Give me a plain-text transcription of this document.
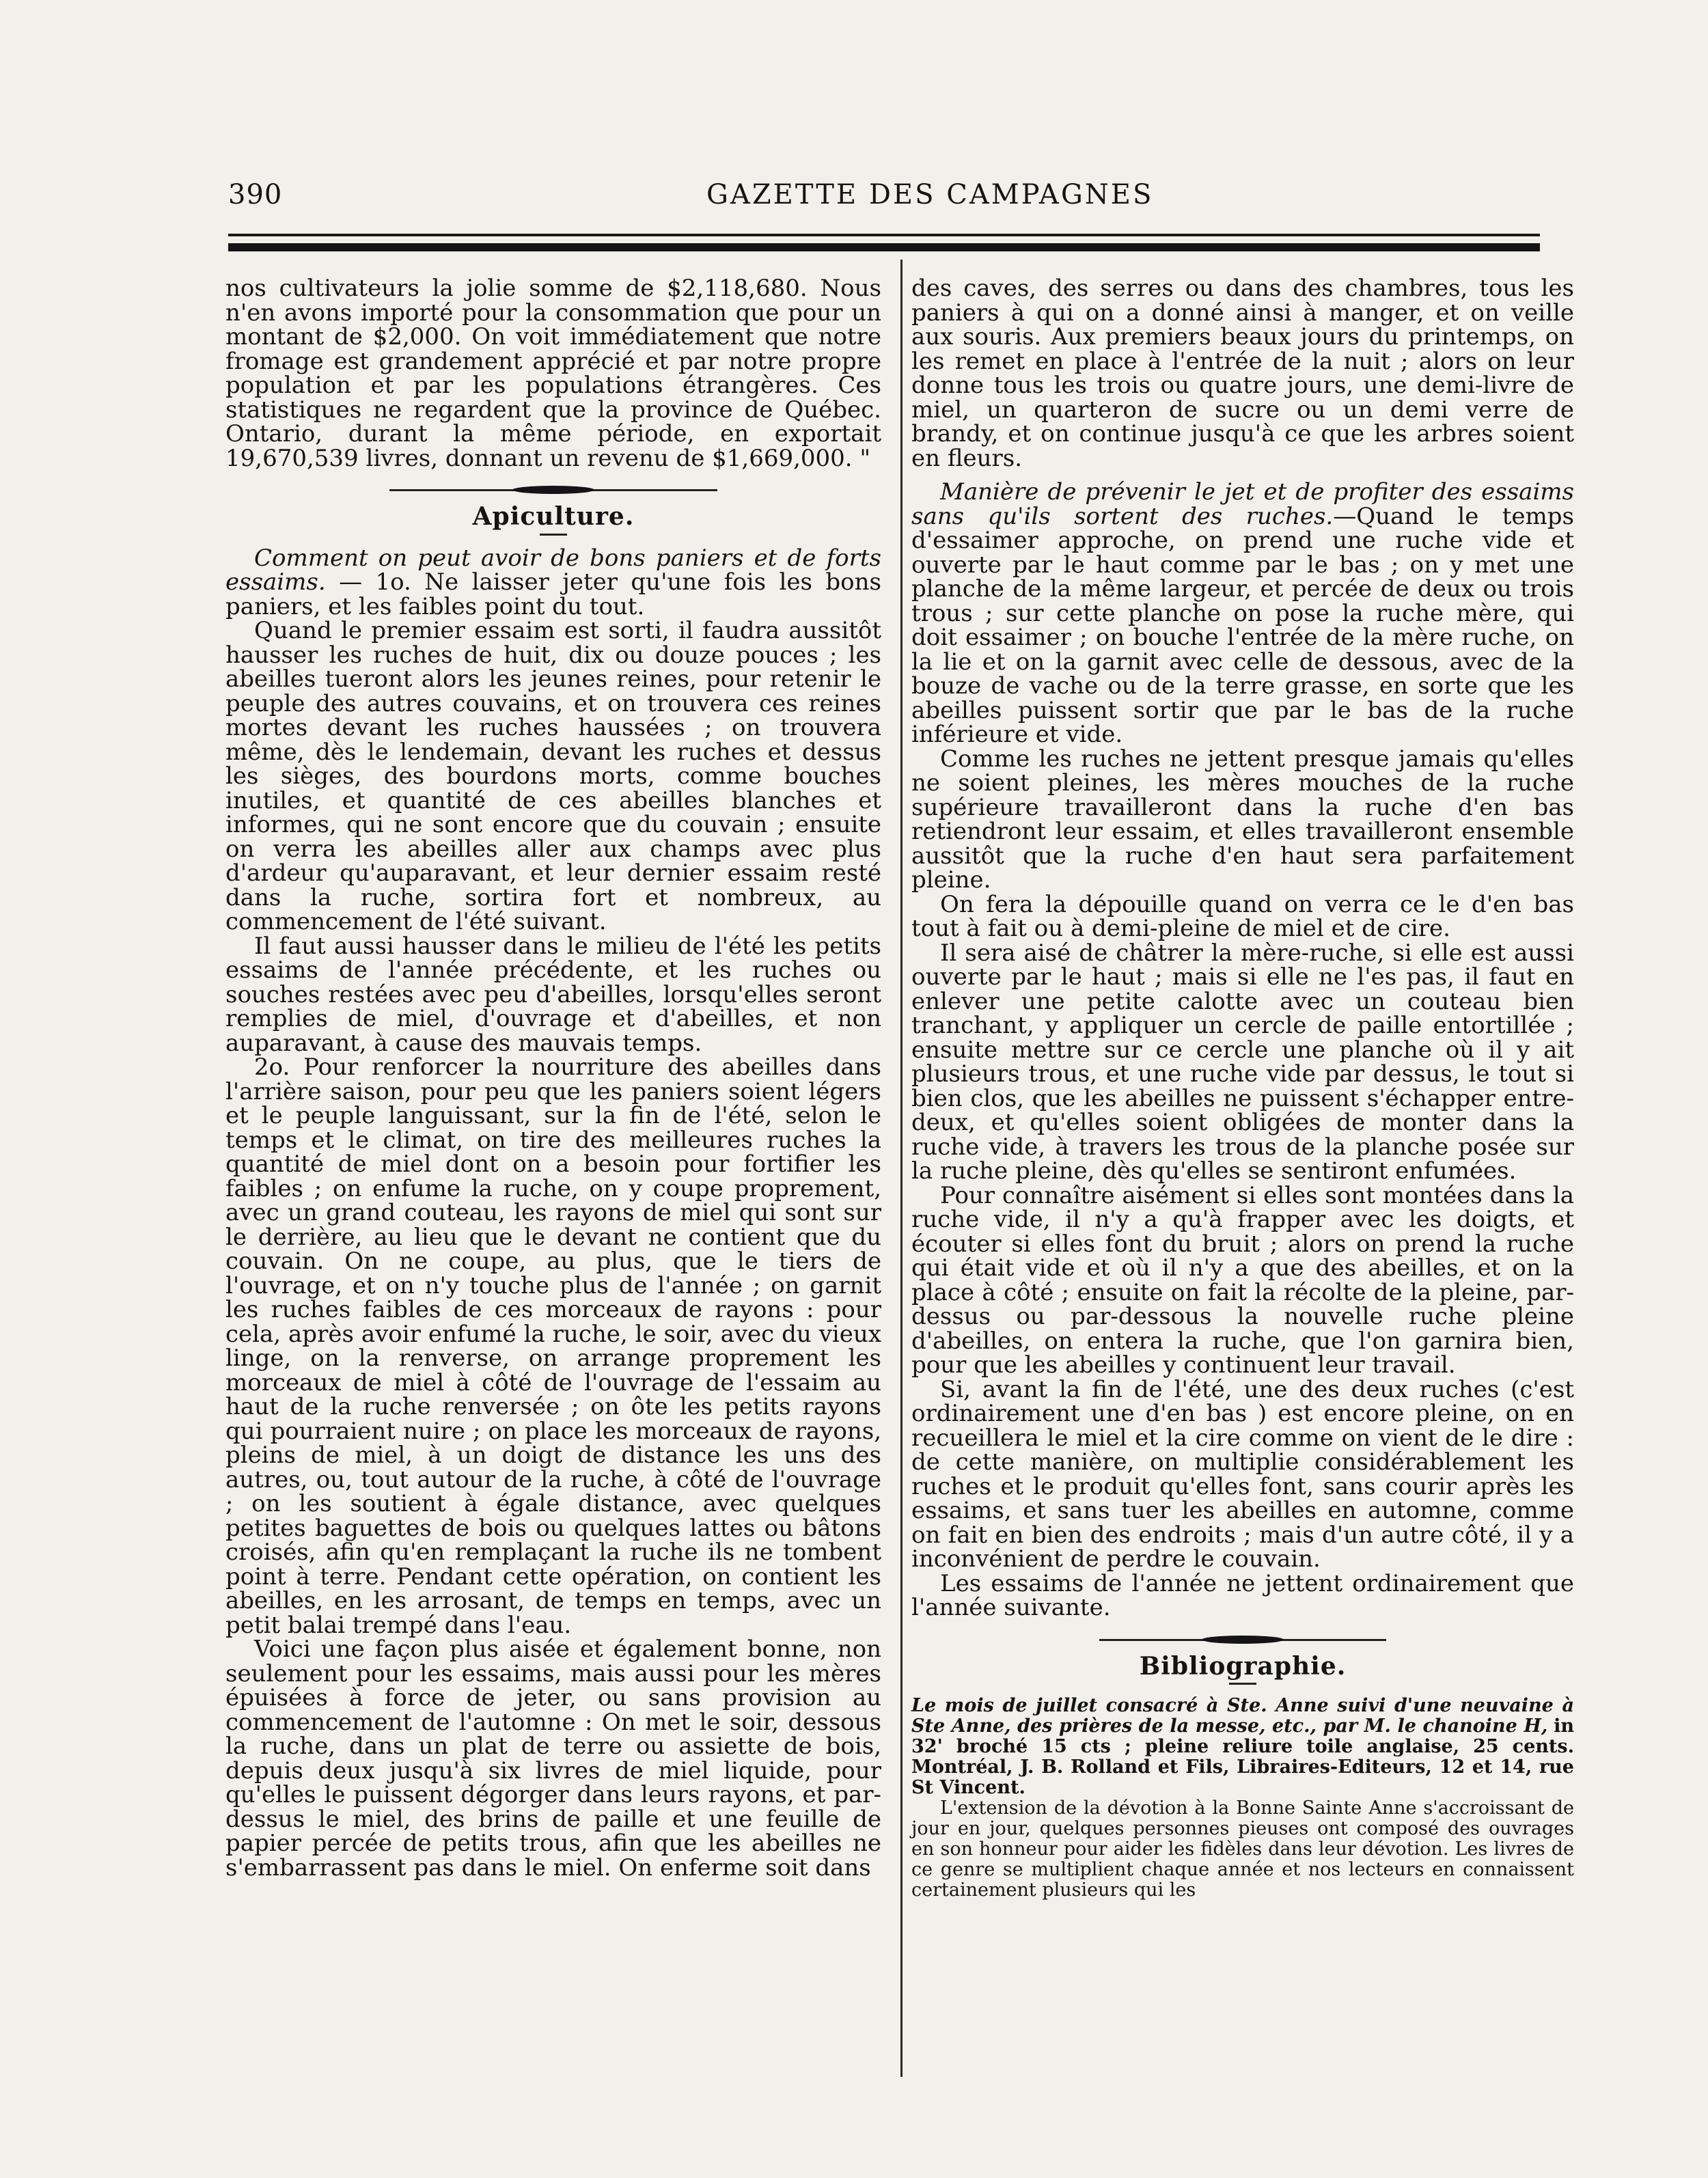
390	GAZETTE DES CAMPAGNES

nos cultivateurs la jolie somme de $2,118,680. Nous n'en avons importé pour la consommation que pour un montant de $2,000. On voit immédiatement que notre fromage est grandement apprécié et par notre propre population et par les populations étrangères. Ces statistiques ne regardent que la province de Québec. Ontario, durant la même période, en exportait 19,670,539 livres, donnant un revenu de $1,669,000. "

Apiculture.

Comment on peut avoir de bons paniers et de forts essaims. — 1o. Ne laisser jeter qu'une fois les bons paniers, et les faibles point du tout.

Quand le premier essaim est sorti, il faudra aussitôt hausser les ruches de huit, dix ou douze pouces ; les abeilles tueront alors les jeunes reines, pour retenir le peuple des autres couvains, et on trouvera ces reines mortes devant les ruches haussées ; on trouvera même, dès le lendemain, devant les ruches et dessus les sièges, des bourdons morts, comme bouches inutiles, et quantité de ces abeilles blanches et informes, qui ne sont encore que du couvain ; ensuite on verra les abeilles aller aux champs avec plus d'ardeur qu'auparavant, et leur dernier essaim resté dans la ruche, sortira fort et nombreux, au commencement de l'été suivant.

Il faut aussi hausser dans le milieu de l'été les petits essaims de l'année précédente, et les ruches ou souches restées avec peu d'abeilles, lorsqu'elles seront remplies de miel, d'ouvrage et d'abeilles, et non auparavant, à cause des mauvais temps.

2o. Pour renforcer la nourriture des abeilles dans l'arrière saison, pour peu que les paniers soient légers et le peuple languissant, sur la fin de l'été, selon le temps et le climat, on tire des meilleures ruches la quantité de miel dont on a besoin pour fortifier les faibles ; on enfume la ruche, on y coupe proprement, avec un grand couteau, les rayons de miel qui sont sur le derrière, au lieu que le devant ne contient que du couvain. On ne coupe, au plus, que le tiers de l'ouvrage, et on n'y touche plus de l'année ; on garnit les ruches faibles de ces morceaux de rayons : pour cela, après avoir enfumé la ruche, le soir, avec du vieux linge, on la renverse, on arrange proprement les morceaux de miel à côté de l'ouvrage de l'essaim au haut de la ruche renversée ; on ôte les petits rayons qui pourraient nuire ; on place les morceaux de rayons, pleins de miel, à un doigt de distance les uns des autres, ou, tout autour de la ruche, à côté de l'ouvrage ; on les soutient à égale distance, avec quelques petites baguettes de bois ou quelques lattes ou bâtons croisés, afin qu'en remplaçant la ruche ils ne tombent point à terre. Pendant cette opération, on contient les abeilles, en les arrosant, de temps en temps, avec un petit balai trempé dans l'eau.

Voici une façon plus aisée et également bonne, non seulement pour les essaims, mais aussi pour les mères épuisées à force de jeter, ou sans provision au commencement de l'automne : On met le soir, dessous la ruche, dans un plat de terre ou assiette de bois, depuis deux jusqu'à six livres de miel liquide, pour qu'elles le puissent dégorger dans leurs rayons, et par-dessus le miel, des brins de paille et une feuille de papier percée de petits trous, afin que les abeilles ne s'embarrassent pas dans le miel. On enferme soit dans

des caves, des serres ou dans des chambres, tous les paniers à qui on a donné ainsi à manger, et on veille aux souris. Aux premiers beaux jours du printemps, on les remet en place à l'entrée de la nuit ; alors on leur donne tous les trois ou quatre jours, une demi-livre de miel, un quarteron de sucre ou un demi verre de brandy, et on continue jusqu'à ce que les arbres soient en fleurs.

Manière de prévenir le jet et de profiter des essaims sans qu'ils sortent des ruches.—Quand le temps d'essaimer approche, on prend une ruche vide et ouverte par le haut comme par le bas ; on y met une planche de la même largeur, et percée de deux ou trois trous ; sur cette planche on pose la ruche mère, qui doit essaimer ; on bouche l'entrée de la mère ruche, on la lie et on la garnit avec celle de dessous, avec de la bouze de vache ou de la terre grasse, en sorte que les abeilles puissent sortir que par le bas de la ruche inférieure et vide.

Comme les ruches ne jettent presque jamais qu'elles ne soient pleines, les mères mouches de la ruche supérieure travailleront dans la ruche d'en bas retiendront leur essaim, et elles travailleront ensemble aussitôt que la ruche d'en haut sera parfaitement pleine.

On fera la dépouille quand on verra ce le d'en bas tout à fait ou à demi-pleine de miel et de cire.

Il sera aisé de châtrer la mère-ruche, si elle est aussi ouverte par le haut ; mais si elle ne l'es pas, il faut en enlever une petite calotte avec un couteau bien tranchant, y appliquer un cercle de paille entortillée ; ensuite mettre sur ce cercle une planche où il y ait plusieurs trous, et une ruche vide par dessus, le tout si bien clos, que les abeilles ne puissent s'échapper entre-deux, et qu'elles soient obligées de monter dans la ruche vide, à travers les trous de la planche posée sur la ruche pleine, dès qu'elles se sentiront enfumées.

Pour connaître aisément si elles sont montées dans la ruche vide, il n'y a qu'à frapper avec les doigts, et écouter si elles font du bruit ; alors on prend la ruche qui était vide et où il n'y a que des abeilles, et on la place à côté ; ensuite on fait la récolte de la pleine, par-dessus ou par-dessous la nouvelle ruche pleine d'abeilles, on entera la ruche, que l'on garnira bien, pour que les abeilles y continuent leur travail.

Si, avant la fin de l'été, une des deux ruches (c'est ordinairement une d'en bas ) est encore pleine, on en recueillera le miel et la cire comme on vient de le dire : de cette manière, on multiplie considérablement les ruches et le produit qu'elles font, sans courir après les essaims, et sans tuer les abeilles en automne, comme on fait en bien des endroits ; mais d'un autre côté, il y a inconvénient de perdre le couvain.

Les essaims de l'année ne jettent ordinairement que l'année suivante.

Bibliographie.

Le mois de juillet consacré à Ste. Anne suivi d'une neuvaine à Ste Anne, des prières de la messe, etc., par M. le chanoine H, in 32' broché 15 cts ; pleine reliure toile anglaise, 25 cents. Montréal, J. B. Rolland et Fils, Libraires-Editeurs, 12 et 14, rue St Vincent.

L'extension de la dévotion à la Bonne Sainte Anne s'accroissant de jour en jour, quelques personnes pieuses ont composé des ouvrages en son honneur pour aider les fidèles dans leur dévotion. Les livres de ce genre se multiplient chaque année et nos lecteurs en connaissent certainement plusieurs qui les
